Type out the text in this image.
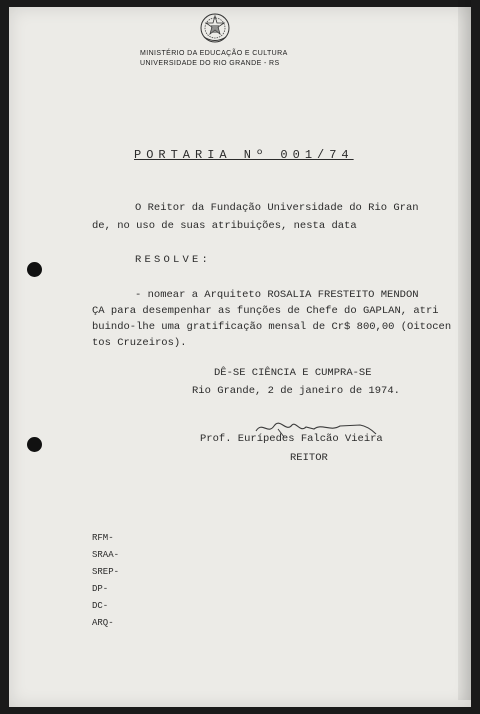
MINISTÉRIO DA EDUCAÇÃO E CULTURA

UNIVERSIDADE DO RIO GRANDE - RS

PORTARIA Nº 001/74

O Reitor da Fundação Universidade do Rio Gran

de, no uso de suas atribuições, nesta data

RESOLVE:

- nomear a Arquiteto ROSALIA FRESTEITO MENDON

ÇA para desempenhar as funções de Chefe do GAPLAN, atri

buindo-lhe uma gratificação mensal de Cr$ 800,00 (Oitocen

tos Cruzeiros).

DÊ-SE CIÊNCIA E CUMPRA-SE

Rio Grande, 2 de janeiro de 1974.

Prof. Eurípedes Falcão Vieira

REITOR

RFM-

SRAA-

SREP-

DP-

DC-

ARQ-
